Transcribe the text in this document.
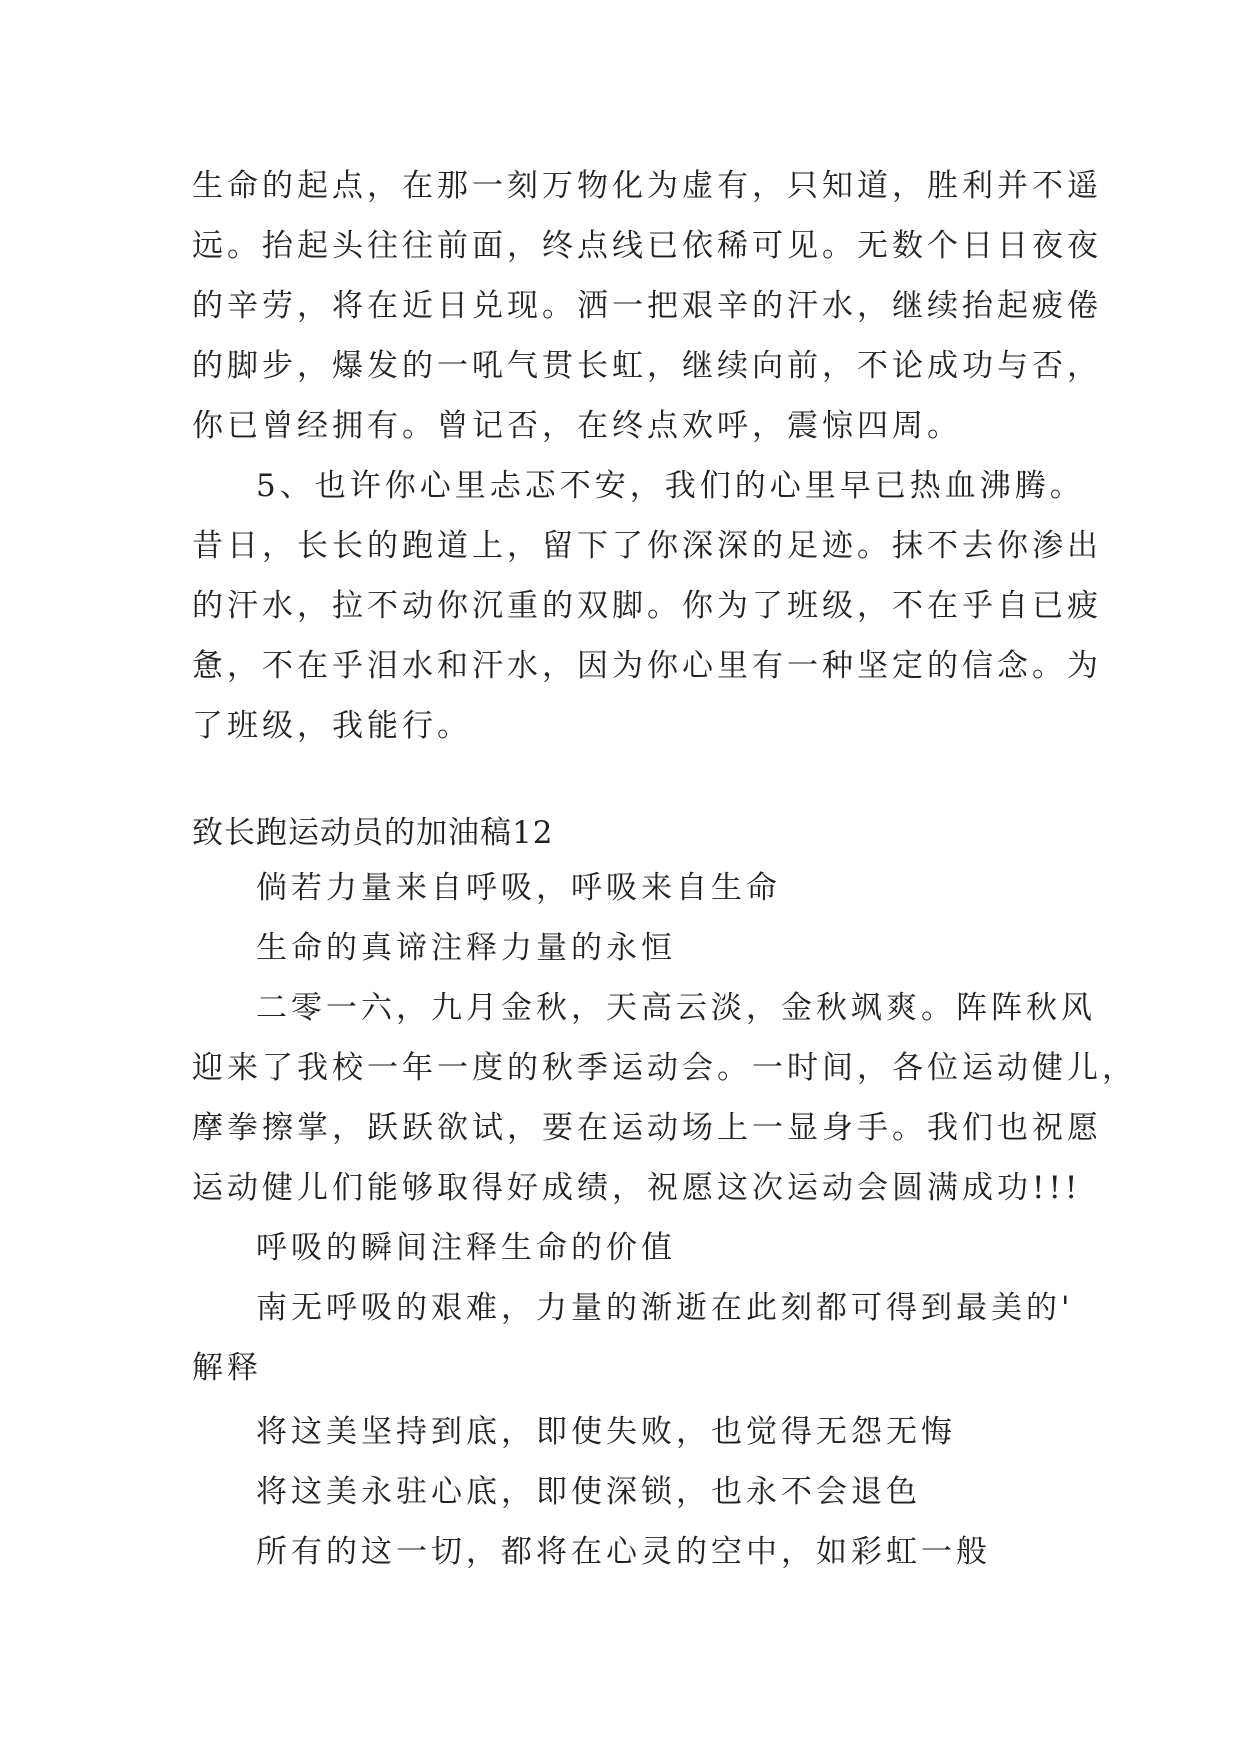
生命的起点，在那一刻万物化为虚有，只知道，胜利并不遥
远。抬起头往往前面，终点线已依稀可见。无数个日日夜夜
的辛劳，将在近日兑现。洒一把艰辛的汗水，继续抬起疲倦
的脚步，爆发的一吼气贯长虹，继续向前，不论成功与否，
你已曾经拥有。曾记否，在终点欢呼，震惊四周。
5、也许你心里忐忑不安，我们的心里早已热血沸腾。
昔日，长长的跑道上，留下了你深深的足迹。抹不去你渗出
的汗水，拉不动你沉重的双脚。你为了班级，不在乎自已疲
惫，不在乎泪水和汗水，因为你心里有一种坚定的信念。为
了班级，我能行。
致长跑运动员的加油稿12
倘若力量来自呼吸，呼吸来自生命
生命的真谛注释力量的永恒
二零一六，九月金秋，天高云淡，金秋飒爽。阵阵秋风
迎来了我校一年一度的秋季运动会。一时间，各位运动健儿，
摩拳擦掌，跃跃欲试，要在运动场上一显身手。我们也祝愿
运动健儿们能够取得好成绩，祝愿这次运动会圆满成功!!!
呼吸的瞬间注释生命的价值
南无呼吸的艰难，力量的渐逝在此刻都可得到最美的'
解释
将这美坚持到底，即使失败，也觉得无怨无悔
将这美永驻心底，即使深锁，也永不会退色
所有的这一切，都将在心灵的空中，如彩虹一般
